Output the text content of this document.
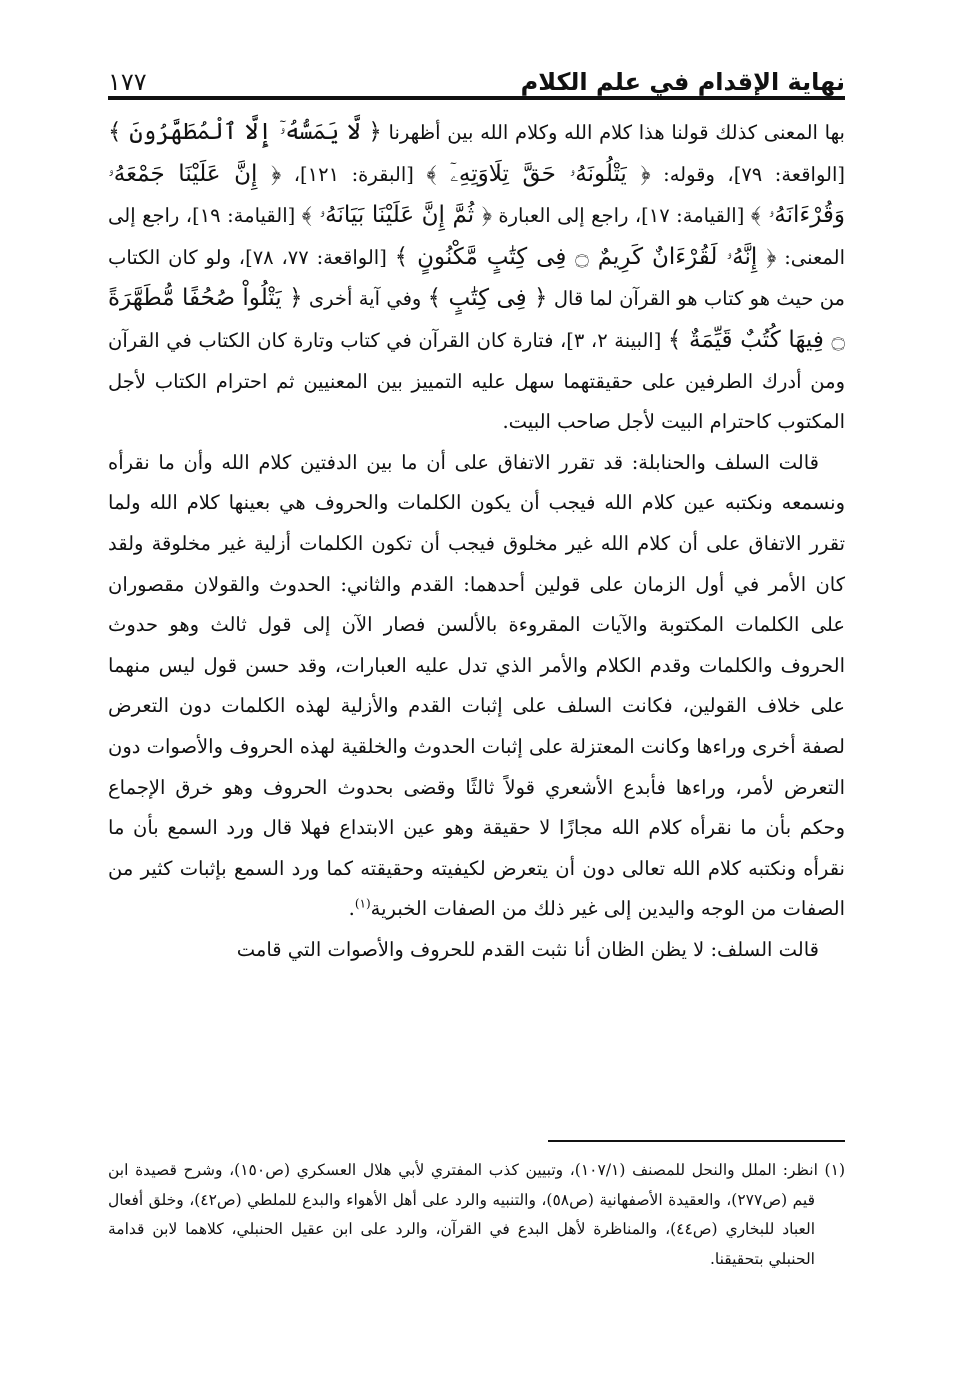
نهاية الإقدام في علم الكلام
١٧٧

بها المعنى كذلك قولنا هذا كلام الله وكلام الله بين أظهرنا ﴿ لَّا يَمَسُّهُۥٓ إِلَّا ٱلْمُطَهَّرُونَ ﴾ [الواقعة: ٧٩]، وقوله: ﴿ يَتْلُونَهُۥ حَقَّ تِلَاوَتِهِۦٓ ﴾ [البقرة: ١٢١]، ﴿ إِنَّ عَلَيْنَا جَمْعَهُۥ وَقُرْءَانَهُۥ ﴾ [القيامة: ١٧]، راجع إلى العبارة ﴿ ثُمَّ إِنَّ عَلَيْنَا بَيَانَهُۥ ﴾ [القيامة: ١٩]، راجع إلى المعنى: ﴿ إِنَّهُۥ لَقُرْءَانٌ كَرِيمٌ ۝ فِى كِتَٰبٍ مَّكْنُونٍ ﴾ [الواقعة: ٧٧، ٧٨]، ولو كان الكتاب من حيث هو كتاب هو القرآن لما قال ﴿ فِى كِتَٰبٍ ﴾ وفي آية أخرى ﴿ يَتْلُواْ صُحُفًا مُّطَهَّرَةً ۝ فِيهَا كُتُبٌ قَيِّمَةٌ ﴾ [البينة ٢، ٣]، فتارة كان القرآن في كتاب وتارة كان الكتاب في القرآن ومن أدرك الطرفين على حقيقتهما سهل عليه التمييز بين المعنيين ثم احترام الكتاب لأجل المكتوب كاحترام البيت لأجل صاحب البيت.

قالت السلف والحنابلة: قد تقرر الاتفاق على أن ما بين الدفتين كلام الله وأن ما نقرأه ونسمعه ونكتبه عين كلام الله فيجب أن يكون الكلمات والحروف هي بعينها كلام الله ولما تقرر الاتفاق على أن كلام الله غير مخلوق فيجب أن تكون الكلمات أزلية غير مخلوقة ولقد كان الأمر في أول الزمان على قولين أحدهما: القدم والثاني: الحدوث والقولان مقصوران على الكلمات المكتوبة والآيات المقروءة بالألسن فصار الآن إلى قول ثالث وهو حدوث الحروف والكلمات وقدم الكلام والأمر الذي تدل عليه العبارات، وقد حسن قول ليس منهما على خلاف القولين، فكانت السلف على إثبات القدم والأزلية لهذه الكلمات دون التعرض لصفة أخرى وراءها وكانت المعتزلة على إثبات الحدوث والخلقية لهذه الحروف والأصوات دون التعرض لأمر، وراءها فأبدع الأشعري قولاً ثالثًا وقضى بحدوث الحروف وهو خرق الإجماع وحكم بأن ما نقرأه كلام الله مجازًا لا حقيقة وهو عين الابتداع فهلا قال ورد السمع بأن ما نقرأه ونكتبه كلام الله تعالى دون أن يتعرض لكيفيته وحقيقته كما ورد السمع بإثبات كثير من الصفات من الوجه واليدين إلى غير ذلك من الصفات الخبرية$^{(١)}$.

قالت السلف: لا يظن الظان أنا نثبت القدم للحروف والأصوات التي قامت

(١) انظر: الملل والنحل للمصنف (١٠٧/١)، وتبيين كذب المفتري لأبي هلال العسكري (ص١٥٠)، وشرح قصيدة ابن قيم (ص٢٧٧)، والعقيدة الأصفهانية (ص٥٨)، والتنبيه والرد على أهل الأهواء والبدع للملطي (ص٤٢)، وخلق أفعال العباد للبخاري (ص٤٤)، والمناظرة لأهل البدع في القرآن، والرد على ابن عقيل الحنبلي، كلاهما لابن قدامة الحنبلي بتحقيقنا.
